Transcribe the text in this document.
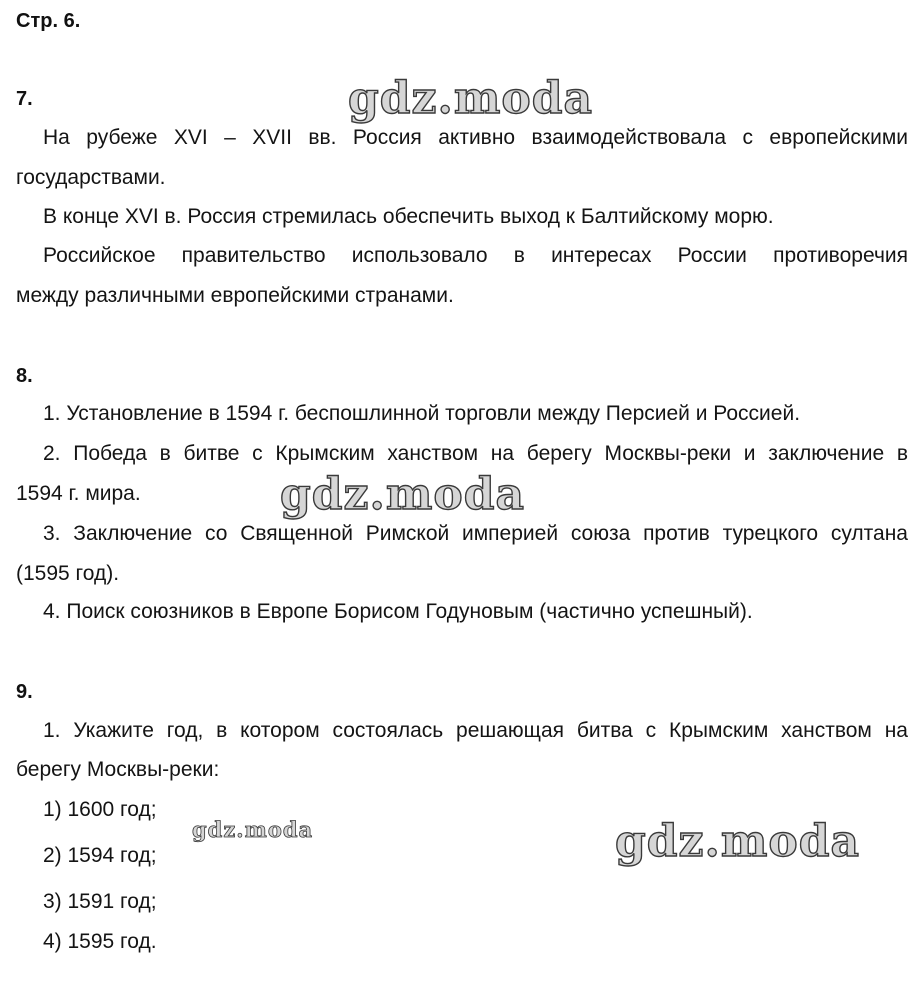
Стр. 6.
7.
На рубеже XVI – XVII вв. Россия активно взаимодействовала с европейскими
государствами.
В конце XVI в. Россия стремилась обеспечить выход к Балтийскому морю.
Российское правительство использовало в интересах России противоречия
между различными европейскими странами.
8.
1. Установление в 1594 г. беспошлинной торговли между Персией и Россией.
2. Победа в битве с Крымским ханством на берегу Москвы-реки и заключение в
1594 г. мира.
3. Заключение со Священной Римской империей союза против турецкого султана
(1595 год).
4. Поиск союзников в Европе Борисом Годуновым (частично успешный).
9.
1. Укажите год, в котором состоялась решающая битва с Крымским ханством на
берегу Москвы-реки:
1) 1600 год;
2) 1594 год;
3) 1591 год;
4) 1595 год.
gdz.moda
gdz.moda
gdz.moda	gdz.moda
